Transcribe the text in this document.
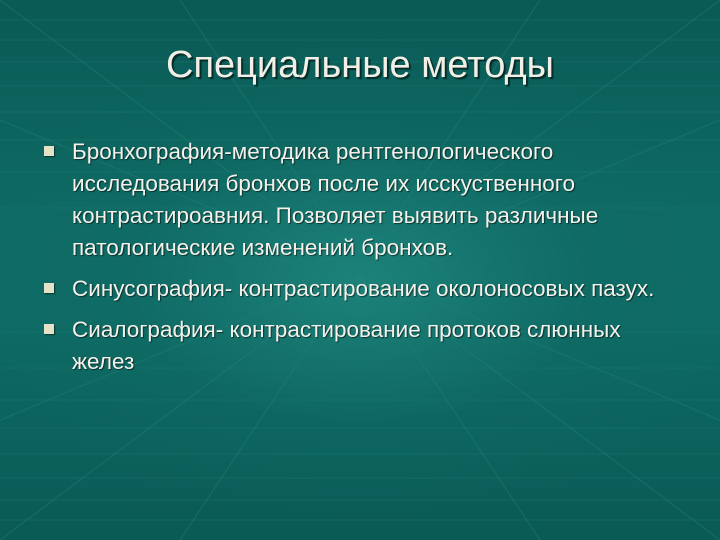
Специальные методы
Бронхография-методика рентгенологического исследования бронхов после их исскуственного контрастироавния. Позволяет выявить различные патологические изменений бронхов.
Синусография- контрастирование околоносовых пазух.
Сиалография- контрастирование протоков слюнных желез
